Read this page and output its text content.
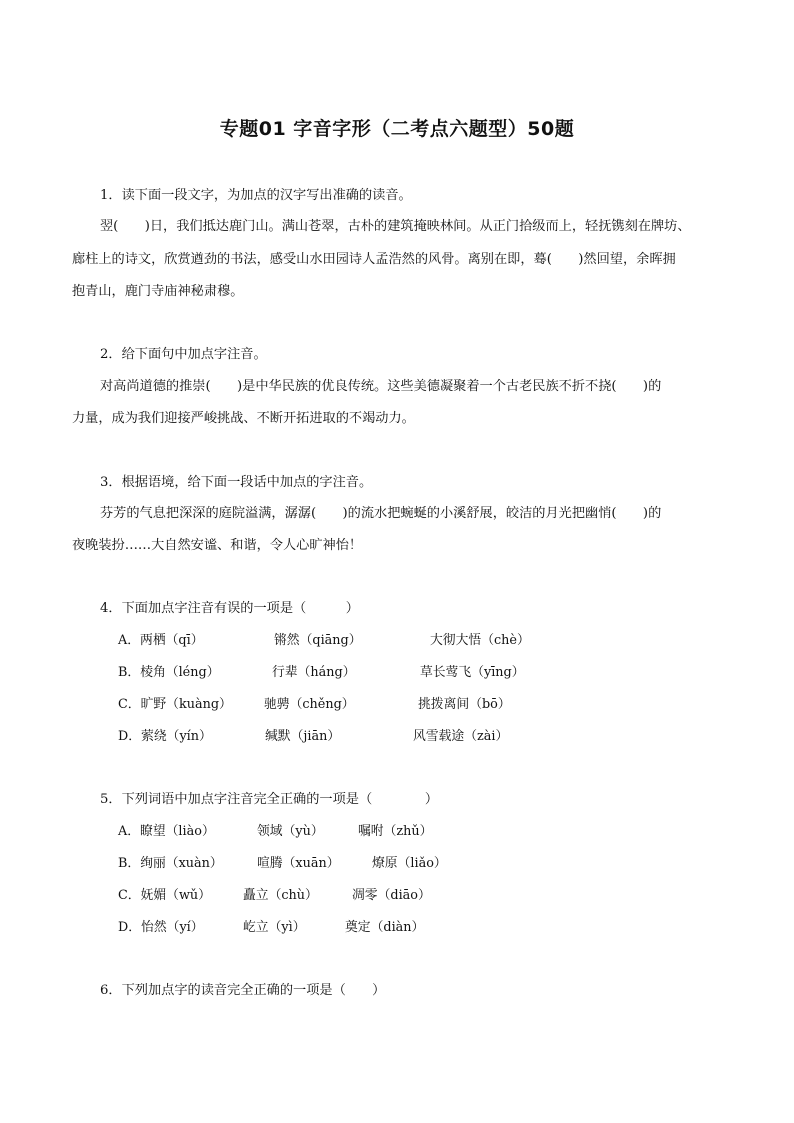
专题01 字音字形（二考点六题型）50题
1．读下面一段文字，为加点的汉字写出准确的读音。
翌(　　)日，我们抵达鹿门山。满山苍翠，古朴的建筑掩映林间。从正门拾级而上，轻抚镌刻在牌坊、
廊柱上的诗文，欣赏遒劲的书法，感受山水田园诗人孟浩然的风骨。离别在即，蓦(　　)然回望，余晖拥
抱青山，鹿门寺庙神秘肃穆。
2．给下面句中加点字注音。
对高尚道德的推崇(　　)是中华民族的优良传统。这些美德凝聚着一个古老民族不折不挠(　　)的
力量，成为我们迎接严峻挑战、不断开拓进取的不竭动力。
3．根据语境，给下面一段话中加点的字注音。
芬芳的气息把深深的庭院溢满，潺潺(　　)的流水把蜿蜒的小溪舒展，皎洁的月光把幽悄(　　)的
夜晚装扮……大自然安谧、和谐，令人心旷神怡！
4．下面加点字注音有误的一项是（　　　）
A．两栖（qī）	锵然（qiāng）	大彻大悟（chè）
B．棱角（léng）	行辈（háng）	草长莺飞（yīng）
C．旷野（kuàng）	驰骋（chěng）	挑拨离间（bō）
D．萦绕（yín）	缄默（jiān）	风雪载途（zài）
5．下列词语中加点字注音完全正确的一项是（　　　　）
A．瞭望（liào）	领域（yù）	嘱咐（zhǔ）
B．绚丽（xuàn）	喧腾（xuān）	燎原（liǎo）
C．妩媚（wǔ）	矗立（chù）	凋零（diāo）
D．怡然（yí）	屹立（yì）	奠定（diàn）
6．下列加点字的读音完全正确的一项是（　　）
